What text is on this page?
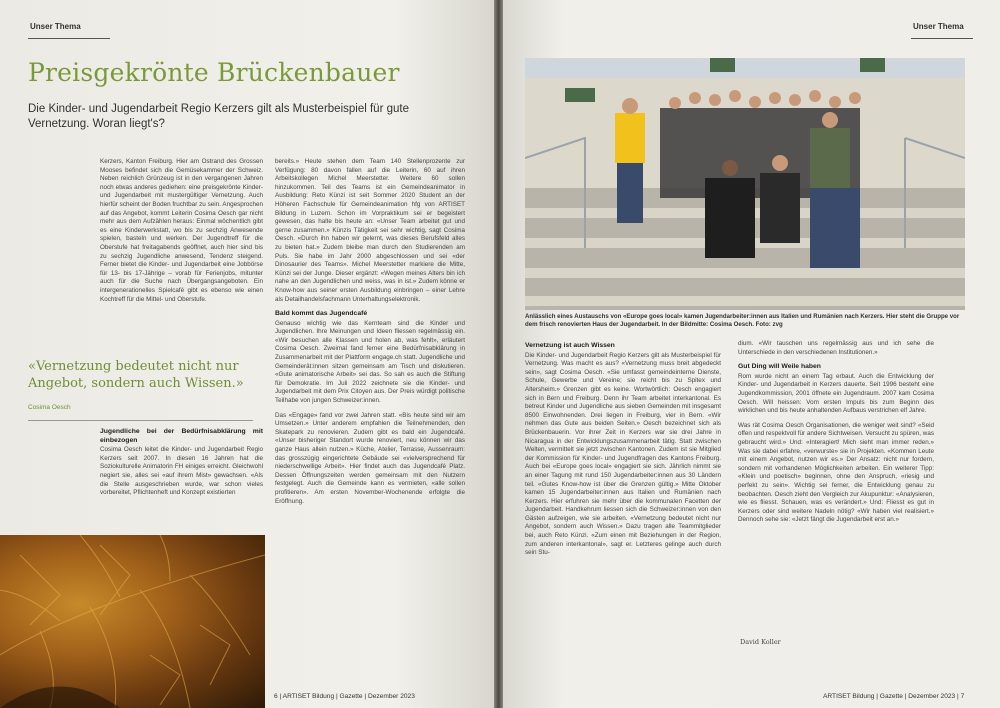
Unser Thema
Preisgekrönte Brückenbauer
Die Kinder- und Jugendarbeit Regio Kerzers gilt als Musterbeispiel für gute Vernetzung. Woran liegt's?

Kerzers, Kanton Freiburg. Hier am Ostrand des Grossen Mooses befindet sich die Gemüsekammer der Schweiz. Neben reichlich Grünzeug ist in den vergangenen Jahren noch etwas anderes gediehen: eine preisgekrönte Kinder- und Jugendarbeit mit mustergültiger Vernetzung. Auch hierfür scheint der Boden fruchtbar zu sein. Angesprochen auf das Angebot, kommt Leiterin Cosima Oesch gar nicht mehr aus dem Aufzählen heraus: Einmal wöchentlich gibt es eine Kinderwerkstatt, wo bis zu sechzig Anwesende spielen, basteln und werken. Der Jugendtreff für die Oberstufe hat freitagabends geöffnet, auch hier sind bis zu sechzig Jugendliche anwesend, Tendenz steigend. Ferner bietet die Kinder- und Jugendarbeit eine Jobbörse für 13- bis 17-Jährige – vorab für Ferienjobs, mitunter auch für die Suche nach Übergangsangeboten. Ein intergenerationelles Spielcafé gibt es ebenso wie einen Kochtreff für die Mittel- und Oberstufe.

«Vernetzung bedeutet nicht nur Angebot, sondern auch Wissen.»
Cosima Oesch
Jugendliche bei der Bedürfnisabklärung mit einbezogen

Cosima Oesch leitet die Kinder- und Jugendarbeit Regio Kerzers seit 2007. In diesen 16 Jahren hat die Soziokulturelle Animatorin FH einiges erreicht. Gleichwohl negiert sie, alles sei «auf ihrem Mist» gewachsen. «Als die Stelle ausgeschrieben wurde, war schon vieles vorbereitet, Pflichtenheft und Konzept existierten

bereits.» Heute stehen dem Team 140 Stellenprozente zur Verfügung: 80 davon fallen auf die Leiterin, 60 auf ihren Arbeitskollegen Michel Meerstetter. Weitere 60 sollen hinzukommen. Teil des Teams ist ein Gemeindeanimator in Ausbildung: Reto Künzi ist seit Sommer 2020 Student an der Höheren Fachschule für Gemeindeanimation hfg von ARTISET Bildung in Luzern. Schon im Vorpraktikum sei er begeistert gewesen, das halte bis heute an: «Unser Team arbeitet gut und gerne zusammen.» Künzis Tätigkeit sei sehr wichtig, sagt Cosima Oesch. «Durch ihn haben wir gelernt, was dieses Berufsfeld alles zu bieten hat.» Zudem bleibe man durch den Studierenden am Puls. Sie habe im Jahr 2000 abgeschlossen und sei «der Dinosaurier des Teams». Michel Meerstetter markiere die Mitte, Künzi sei der Junge. Dieser ergänzt: «Wegen meines Alters bin ich nahe an den Jugendlichen und weiss, was in ist.» Zudem könne er Know-how aus seiner ersten Ausbildung einbringen – einer Lehre als Detailhandelsfachmann Unterhaltungselektronik.

Bald kommt das Jugendcafé

Genauso wichtig wie das Kernteam sind die Kinder und Jugendlichen. Ihre Meinungen und Ideen fliessen regelmässig ein. «Wir besuchen alle Klassen und holen ab, was fehlt», erläutert Cosima Oesch. Zweimal fand ferner eine Bedürfnisabklärung in Zusammenarbeit mit der Plattform engage.ch statt. Jugendliche und Gemeinderät:innen sitzen gemeinsam am Tisch und diskutieren. «Gute animatorische Arbeit» sei das. So sah es auch die Stiftung für Demokratie. Im Juli 2022 zeichnete sie die Kinder- und Jugendarbeit mit dem Prix Citoyen aus. Der Preis würdigt politische Teilhabe von jungen Schweizer:innen.

Das «Engage» fand vor zwei Jahren statt. «Bis heute sind wir am Umsetzen.» Unter anderem empfahlen die Teilnehmenden, den Skatepark zu renovieren. Zudem gibt es bald ein Jugendcafé. «Unser bisheriger Standort wurde renoviert, neu können wir das ganze Haus allein nutzen.» Küche, Atelier, Terrasse, Aussenraum: das grosszügig eingerichtete Gebäude sei «vielversprechend für niederschwellige Arbeit». Hier findet auch das Jugendcafé Platz. Dessen Öffnungszeiten werden gemeinsam mit den Nutzern festgelegt. Auch die Gemeinde kann es vermieten, «alle sollen profitieren». Am ersten November-Wochenende erfolgte die Eröffnung.

6 | ARTISET Bildung | Gazette | Dezember 2023
Unser Thema
Anlässlich eines Austauschs von «Europe goes local» kamen Jugendarbeiter:innen aus Italien und Rumänien nach Kerzers. Hier steht die Gruppe vor dem frisch renovierten Haus der Jugendarbeit. In der Bildmitte: Cosima Oesch. Foto: zvg
Vernetzung ist auch Wissen

Die Kinder- und Jugendarbeit Regio Kerzers gilt als Musterbeispiel für Vernetzung. Was macht es aus? «Vernetzung muss breit abgedeckt sein», sagt Cosima Oesch. «Sie umfasst gemeindeinterne Dienste, Schule, Gewerbe und Vereine; sie reicht bis zu Spitex und Altersheim.» Grenzen gibt es keine. Wortwörtlich: Oesch engagiert sich in Bern und Freiburg. Denn ihr Team arbeitet interkantonal. Es betreut Kinder und Jugendliche aus sieben Gemeinden mit insgesamt 8500 Einwohnenden. Drei liegen in Freiburg, vier in Bern. «Wir nehmen das Gute aus beiden Seiten.» Oesch bezeichnet sich als Brückenbauerin. Vor ihrer Zeit in Kerzers war sie drei Jahre in Nicaragua in der Entwicklungszusammenarbeit tätig. Statt zwischen Welten, vermittelt sie jetzt zwischen Kantonen. Zudem ist sie Mitglied der Kommission für Kinder- und Jugendfragen des Kantons Freiburg. Auch bei «Europe goes local» engagiert sie sich. Jährlich nimmt sie an einer Tagung mit rund 150 Jugendarbeiter:innen aus 30 Ländern teil. «Gutes Know-how ist über die Grenzen gültig.» Mitte Oktober kamen 15 Jugendarbeiter:innen aus Italien und Rumänien nach Kerzers. Hier erfuhren sie mehr über die kommunalen Facetten der Jugendarbeit. Handkehrum liessen sich die Schweizer:innen von den Gästen aufzeigen, wie sie arbeiten. «Vernetzung bedeutet nicht nur Angebot, sondern auch Wissen.» Dazu tragen alle Teammitglieder bei, auch Reto Künzi. «Zum einen mit Beziehungen in der Region, zum anderen interkantonal», sagt er. Letzteres gelinge auch durch sein Stu-

dium. «Wir tauschen uns regelmässig aus und ich sehe die Unterschiede in den verschiedenen Institutionen.»

Gut Ding will Weile haben

Rom wurde nicht an einem Tag erbaut. Auch die Entwicklung der Kinder- und Jugendarbeit in Kerzers dauerte. Seit 1996 besteht eine Jugendkommission, 2001 öffnete ein Jugendraum. 2007 kam Cosima Oesch. Will heissen: Vom ersten Impuls bis zum Beginn des wirklichen und bis heute anhaltenden Aufbaus verstrichen elf Jahre.

Was rät Cosima Oesch Organisationen, die weniger weit sind? «Seid offen und respektvoll für andere Sichtweisen. Versucht zu spüren, was gebraucht wird.» Und: «Interagiert! Mich sieht man immer reden.» Was sie dabei erfahre, «verwurste» sie in Projekten. «Kommen Leute mit einem Angebot, nutzen wir es.» Der Ansatz: nicht nur fordern, sondern mit vorhandenen Möglichkeiten arbeiten. Ein weiterer Tipp: «Klein und poetisch» beginnen, ohne den Anspruch, «riesig und perfekt zu sein». Wichtig sei ferner, die Entwicklung genau zu beobachten. Oesch zieht den Vergleich zur Akupunktur: «Analysieren, wie es fliesst. Schauen, was es verändert.» Und: Fliesst es gut in Kerzers oder sind weitere Nadeln nötig? «Wir haben viel realisiert.» Dennoch sehe sie: «Jetzt fängt die Jugendarbeit erst an.»

David Koller
ARTISET Bildung | Gazette | Dezember 2023 | 7
